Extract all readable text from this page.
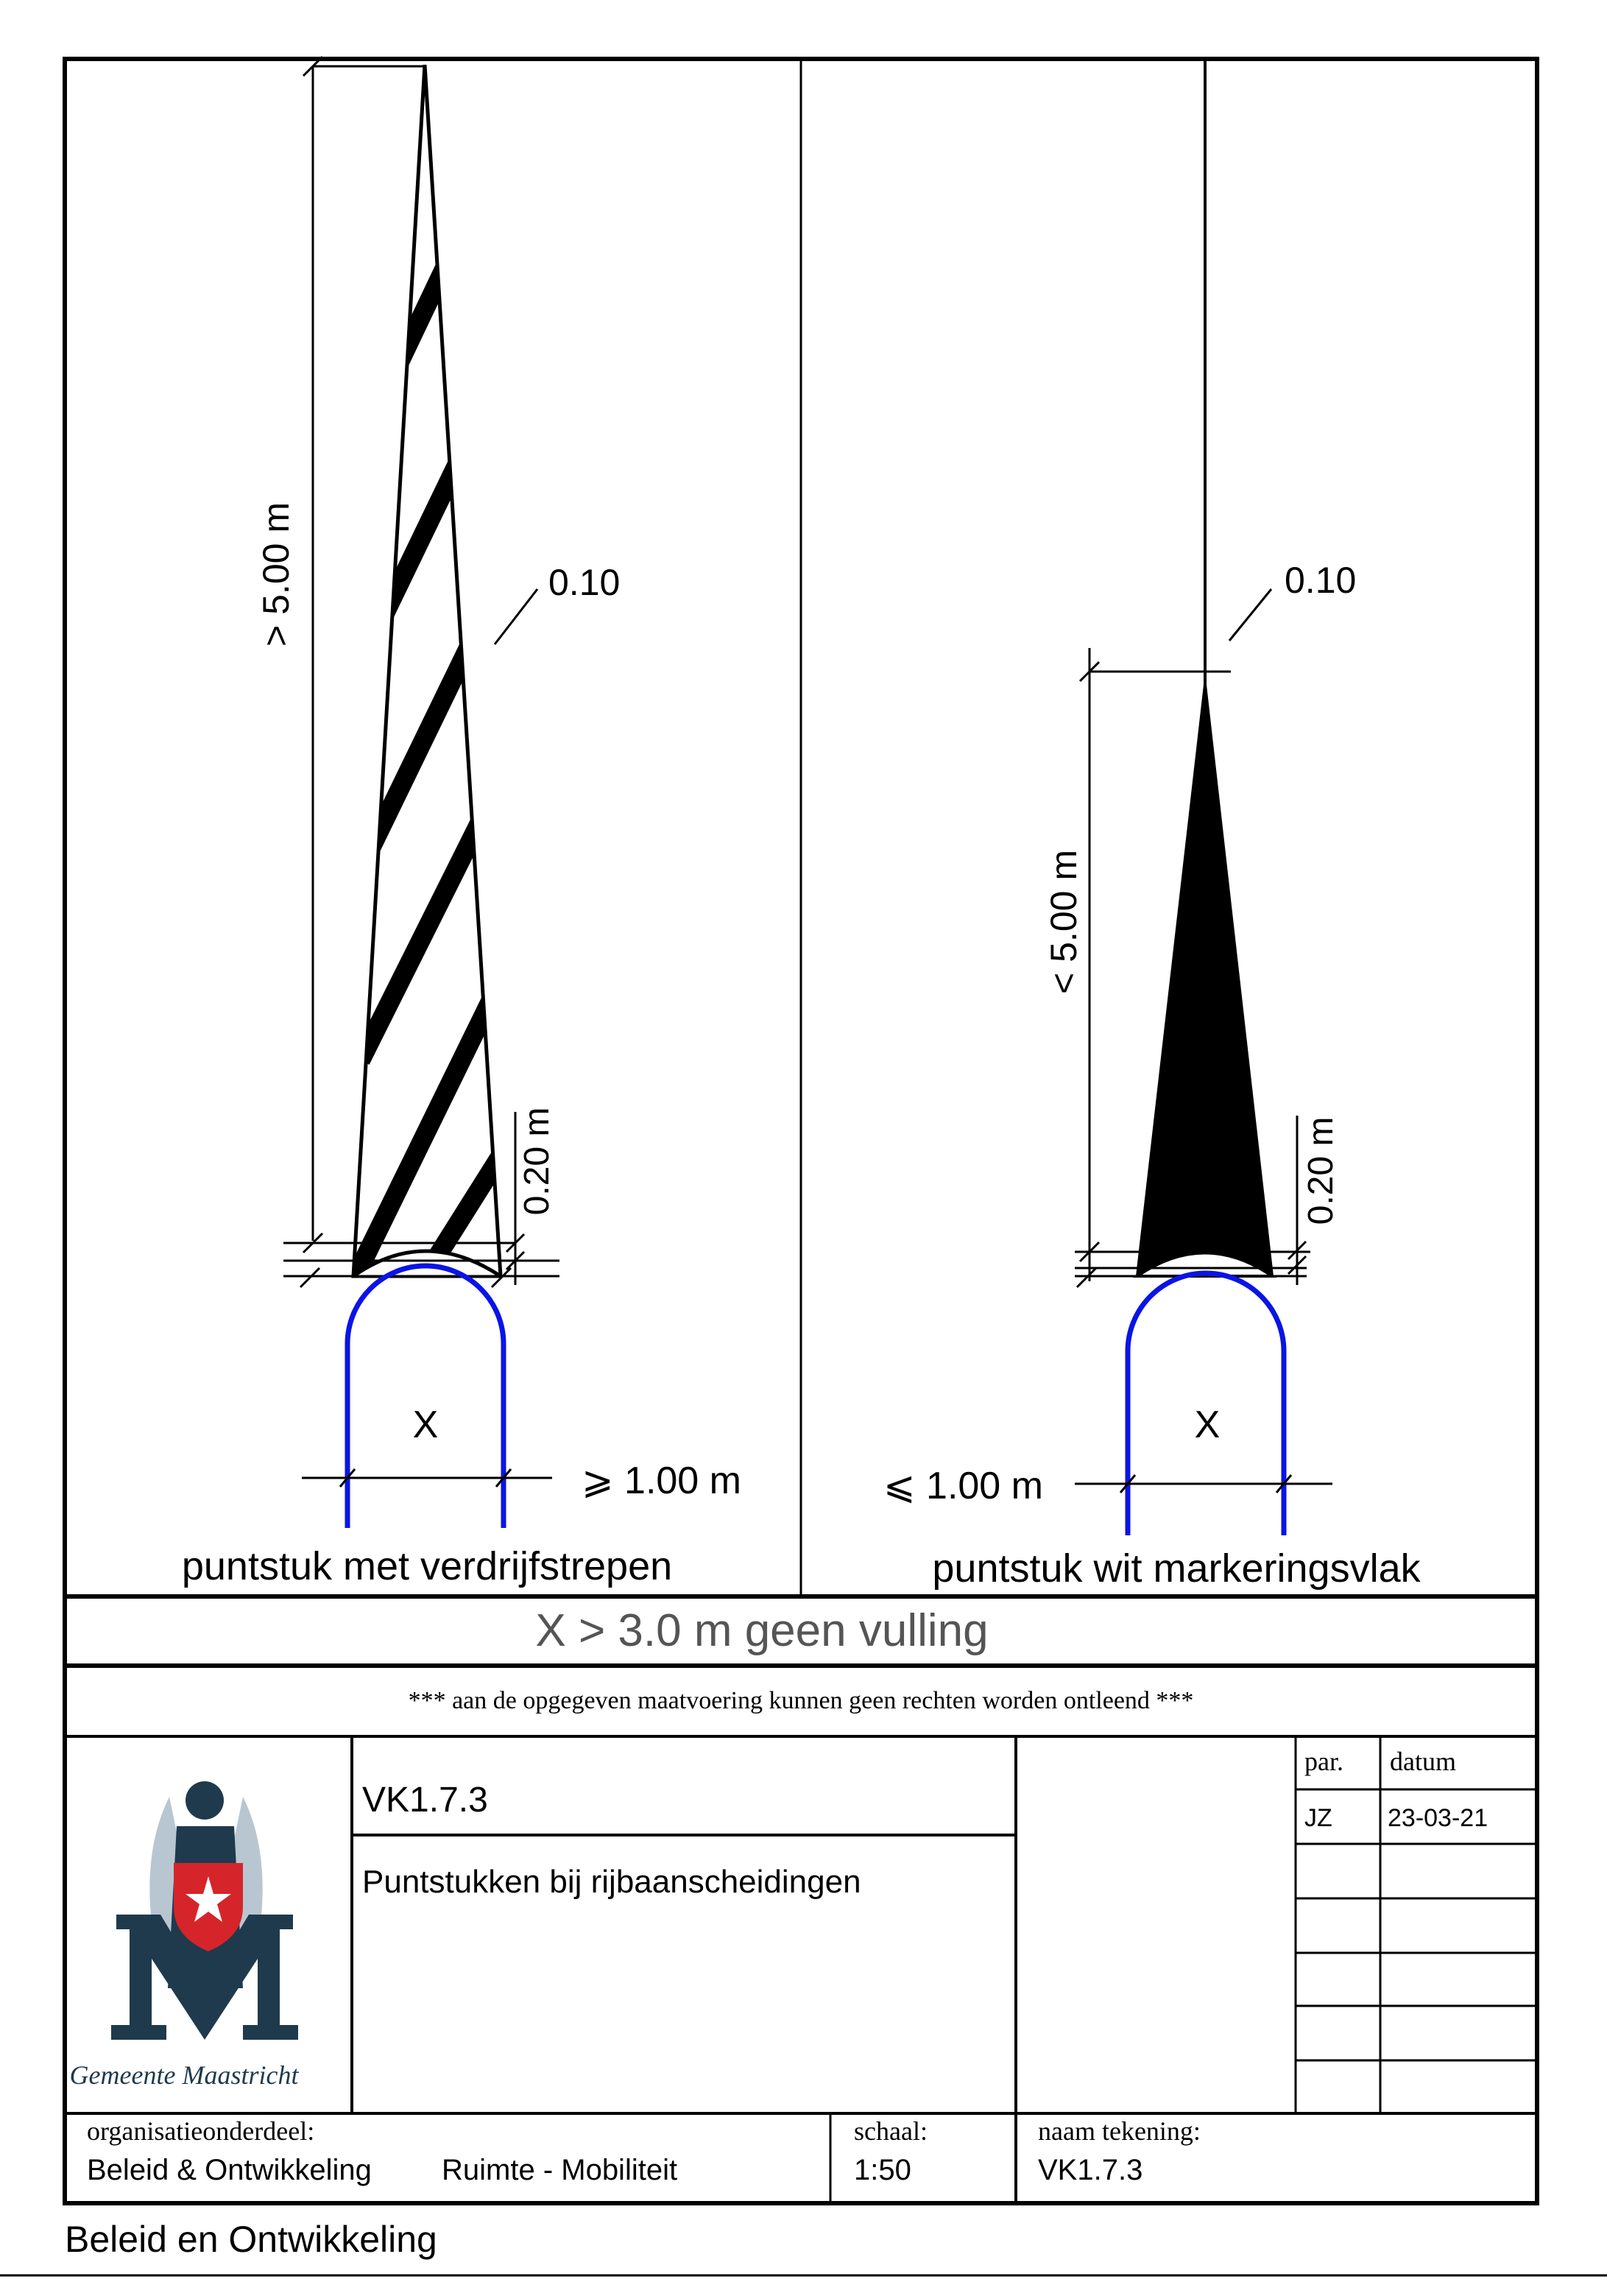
> 5.00 m	0.10
0.20 m
X
⩾ 1.00 m
puntstuk met verdrijfstrepen
< 5.00 m
0.10
0.20 m
X
⩽ 1.00 m
puntstuk wit markeringsvlak
X > 3.0 m geen vulling
*** aan de opgegeven maatvoering kunnen geen rechten worden ontleend ***
Gemeente Maastricht
VK1.7.3
Puntstukken bij rijbaanscheidingen
par. datum
JZ 23-03-21
organisatieonderdeel:
Beleid & Ontwikkeling Ruimte - Mobiliteit
schaal:
1:50
naam tekening:
VK1.7.3
Beleid en Ontwikkeling
